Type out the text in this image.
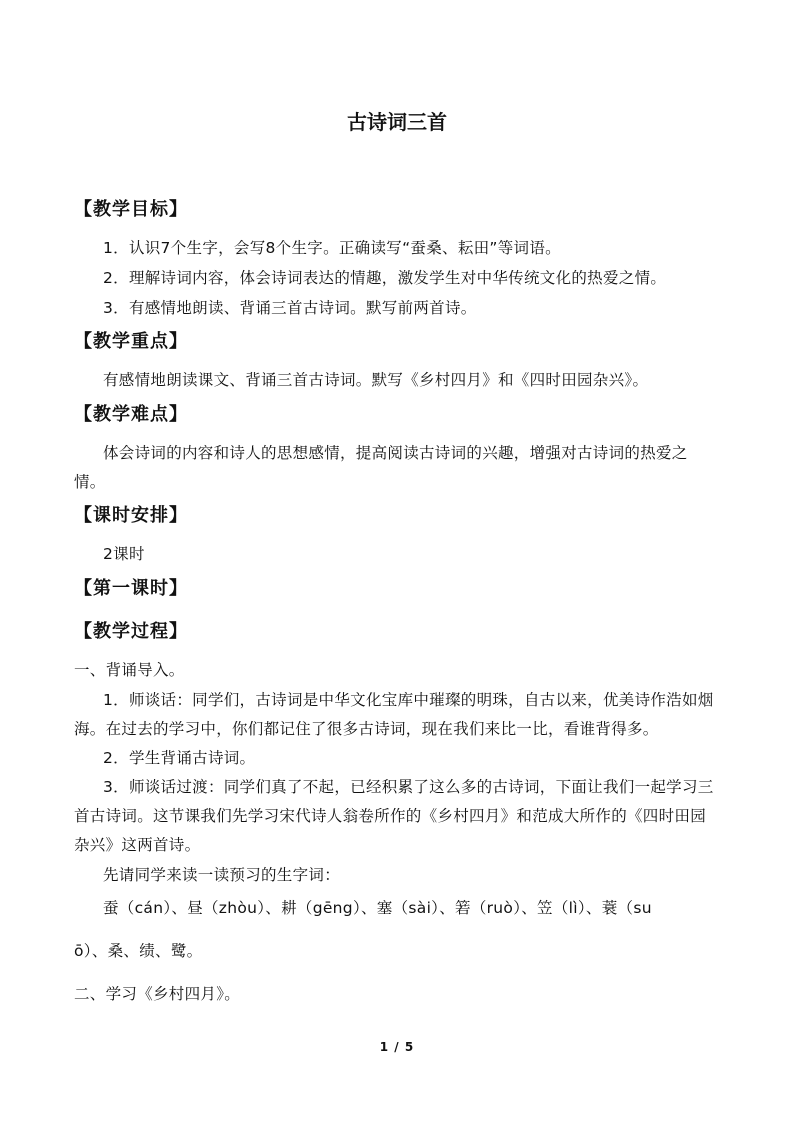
古诗词三首
【教学目标】
1．认识7个生字，会写8个生字。正确读写“蚕桑、耘田”等词语。
2．理解诗词内容，体会诗词表达的情趣，激发学生对中华传统文化的热爱之情。
3．有感情地朗读、背诵三首古诗词。默写前两首诗。
【教学重点】
有感情地朗读课文、背诵三首古诗词。默写《乡村四月》和《四时田园杂兴》。
【教学难点】
体会诗词的内容和诗人的思想感情，提高阅读古诗词的兴趣，增强对古诗词的热爱之
情。
【课时安排】
2课时
【第一课时】
【教学过程】
一、背诵导入。
1．师谈话：同学们，古诗词是中华文化宝库中璀璨的明珠，自古以来，优美诗作浩如烟
海。在过去的学习中，你们都记住了很多古诗词，现在我们来比一比，看谁背得多。
2．学生背诵古诗词。
3．师谈话过渡：同学们真了不起，已经积累了这么多的古诗词，下面让我们一起学习三
首古诗词。这节课我们先学习宋代诗人翁卷所作的《乡村四月》和范成大所作的《四时田园
杂兴》这两首诗。
先请同学来读一读预习的生字词：
蚕（cán）、昼（zhòu）、耕（gēng）、塞（sài）、箬（ruò）、笠（lì）、蓑（su
ō）、桑、绩、鹭。
二、学习《乡村四月》。
1 / 5
